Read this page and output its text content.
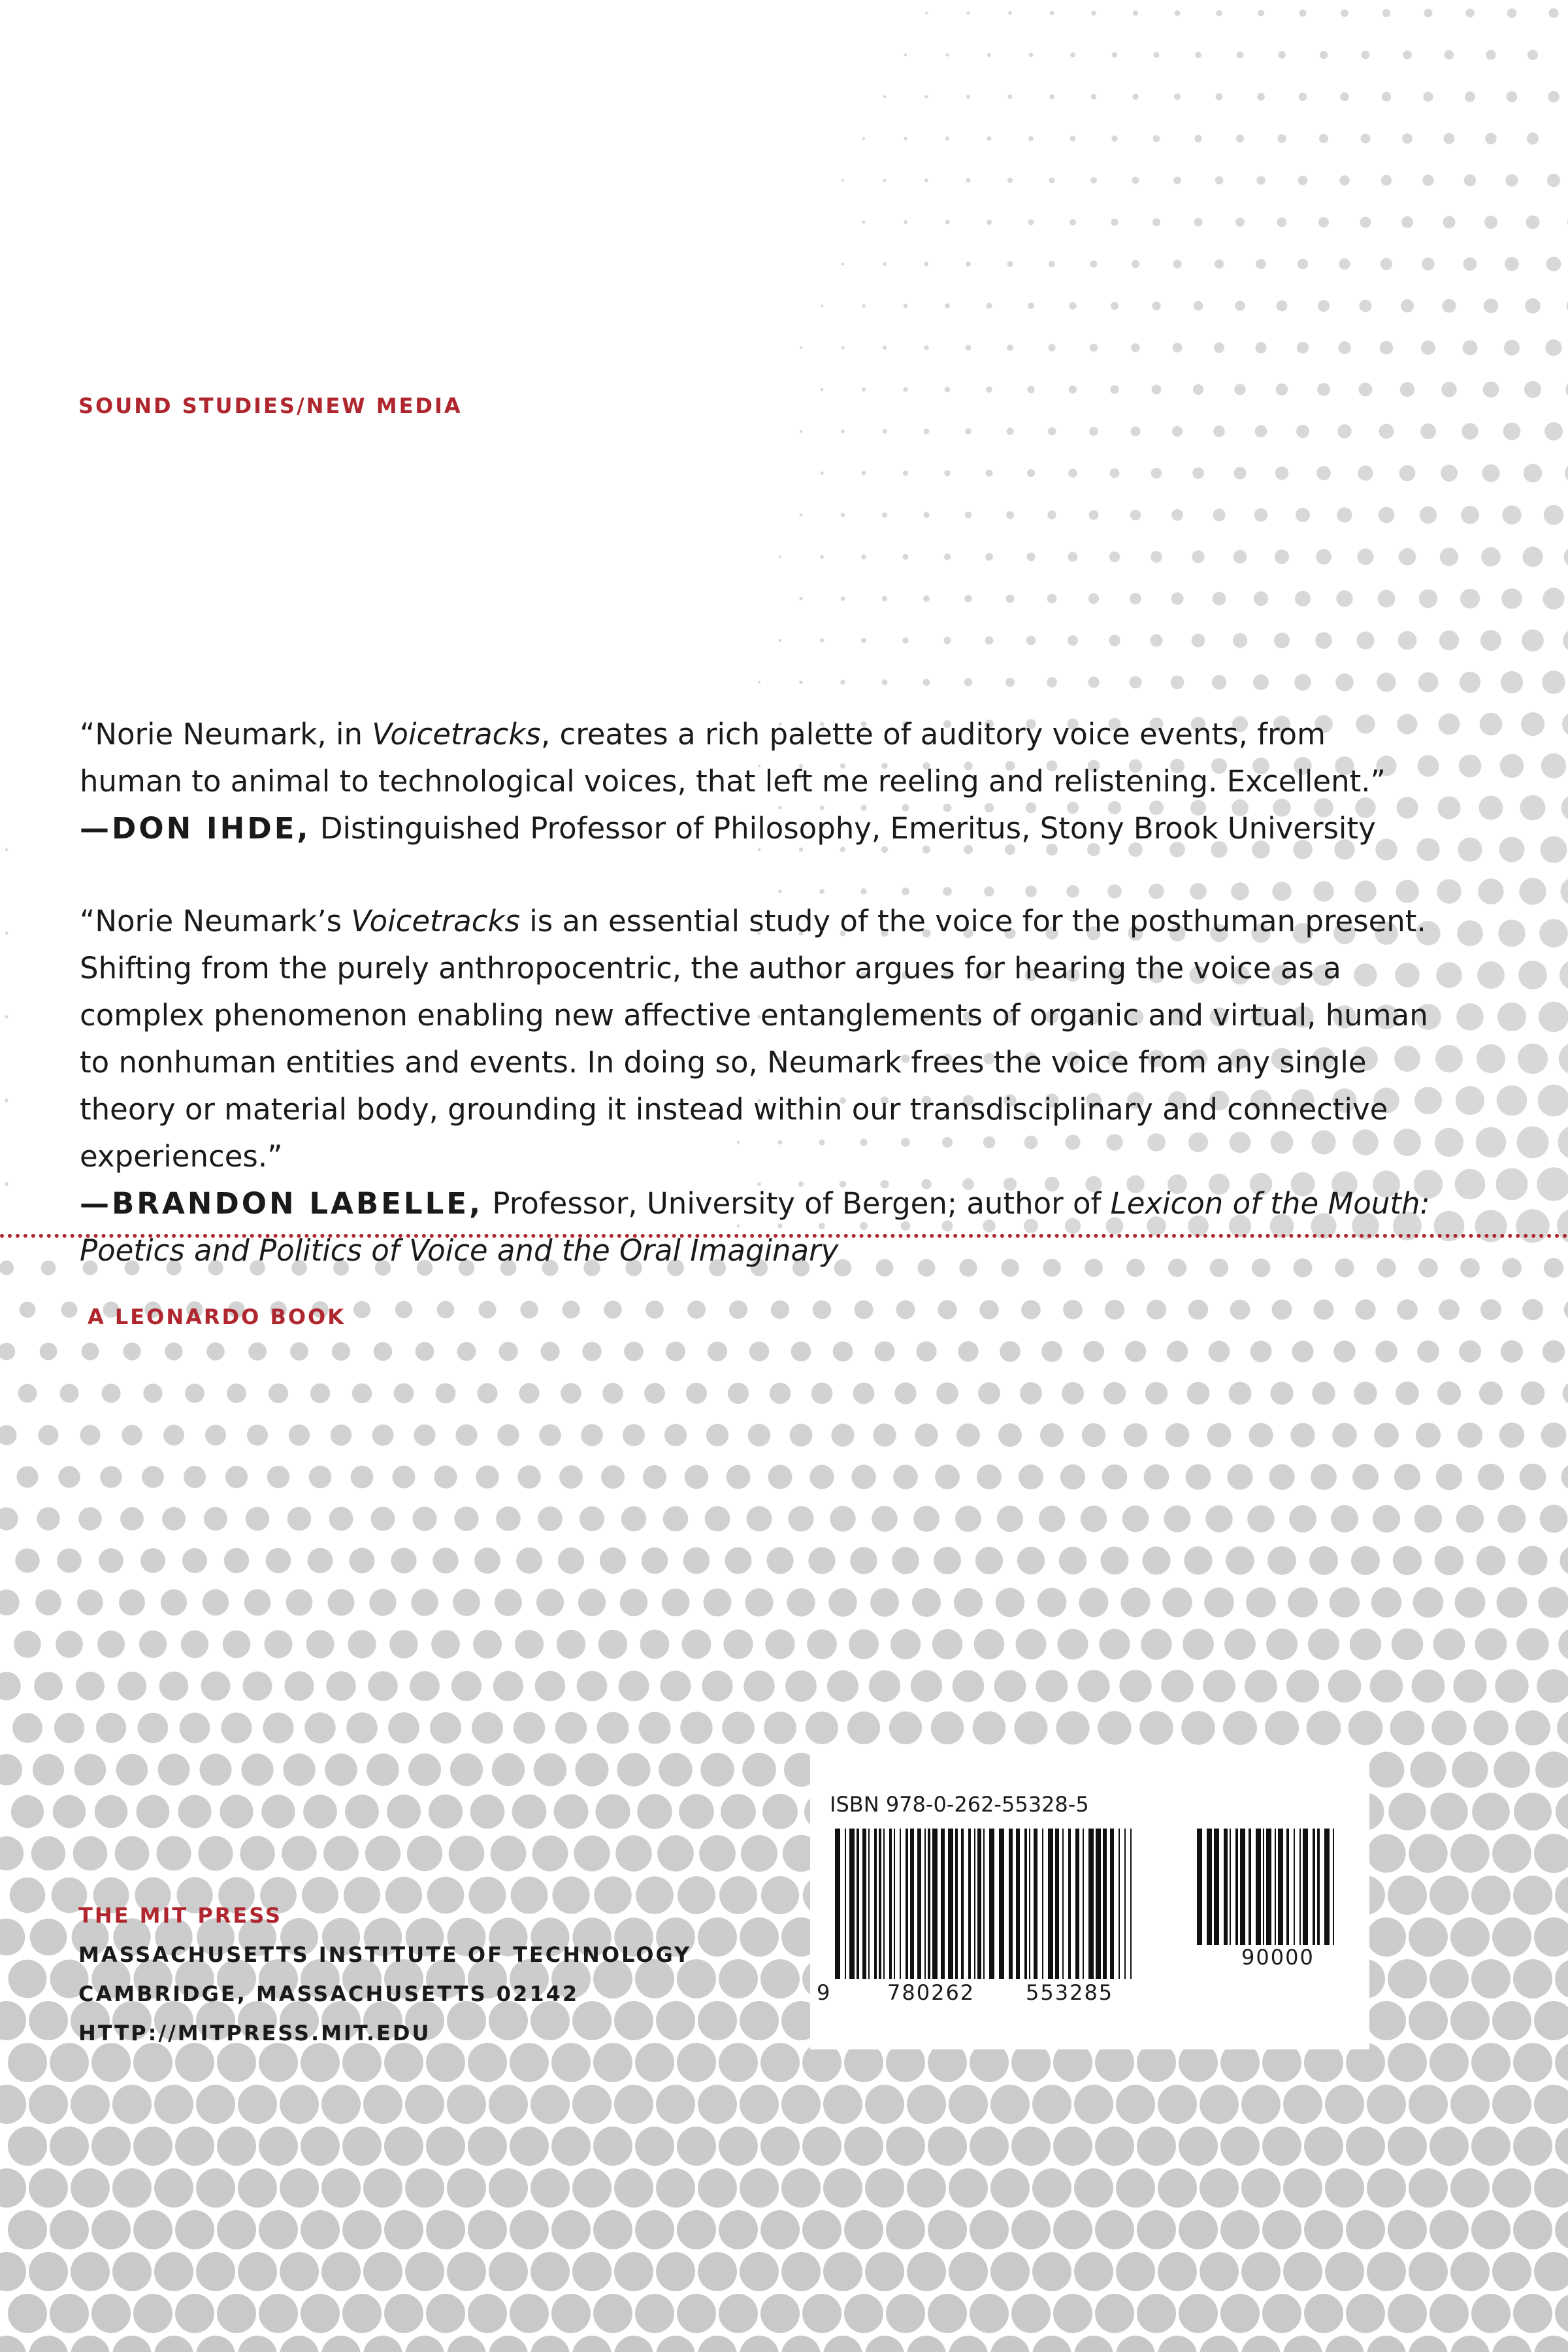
SOUND STUDIES/NEW MEDIA

“Norie Neumark, in Voicetracks, creates a rich palette of auditory voice events, from human to animal to technological voices, that left me reeling and relistening. Excellent.”

—DON IHDE, Distinguished Professor of Philosophy, Emeritus, Stony Brook University

“Norie Neumark’s Voicetracks is an essential study of the voice for the posthuman present. Shifting from the purely anthropocentric, the author argues for hearing the voice as a complex phenomenon enabling new affective entanglements of organic and virtual, human to nonhuman entities and events. In doing so, Neumark frees the voice from any single theory or material body, grounding it instead within our transdisciplinary and connective experiences.”

—BRANDON LABELLE, Professor, University of Bergen; author of Lexicon of the Mouth: Poetics and Politics of Voice and the Oral Imaginary

A LEONARDO BOOK
THE MIT PRESS
MASSACHUSETTS INSTITUTE OF TECHNOLOGY
CAMBRIDGE, MASSACHUSETTS 02142
HTTP://MITPRESS.MIT.EDU
ISBN 978-0-262-55328-5
9	780262 553285
90000
